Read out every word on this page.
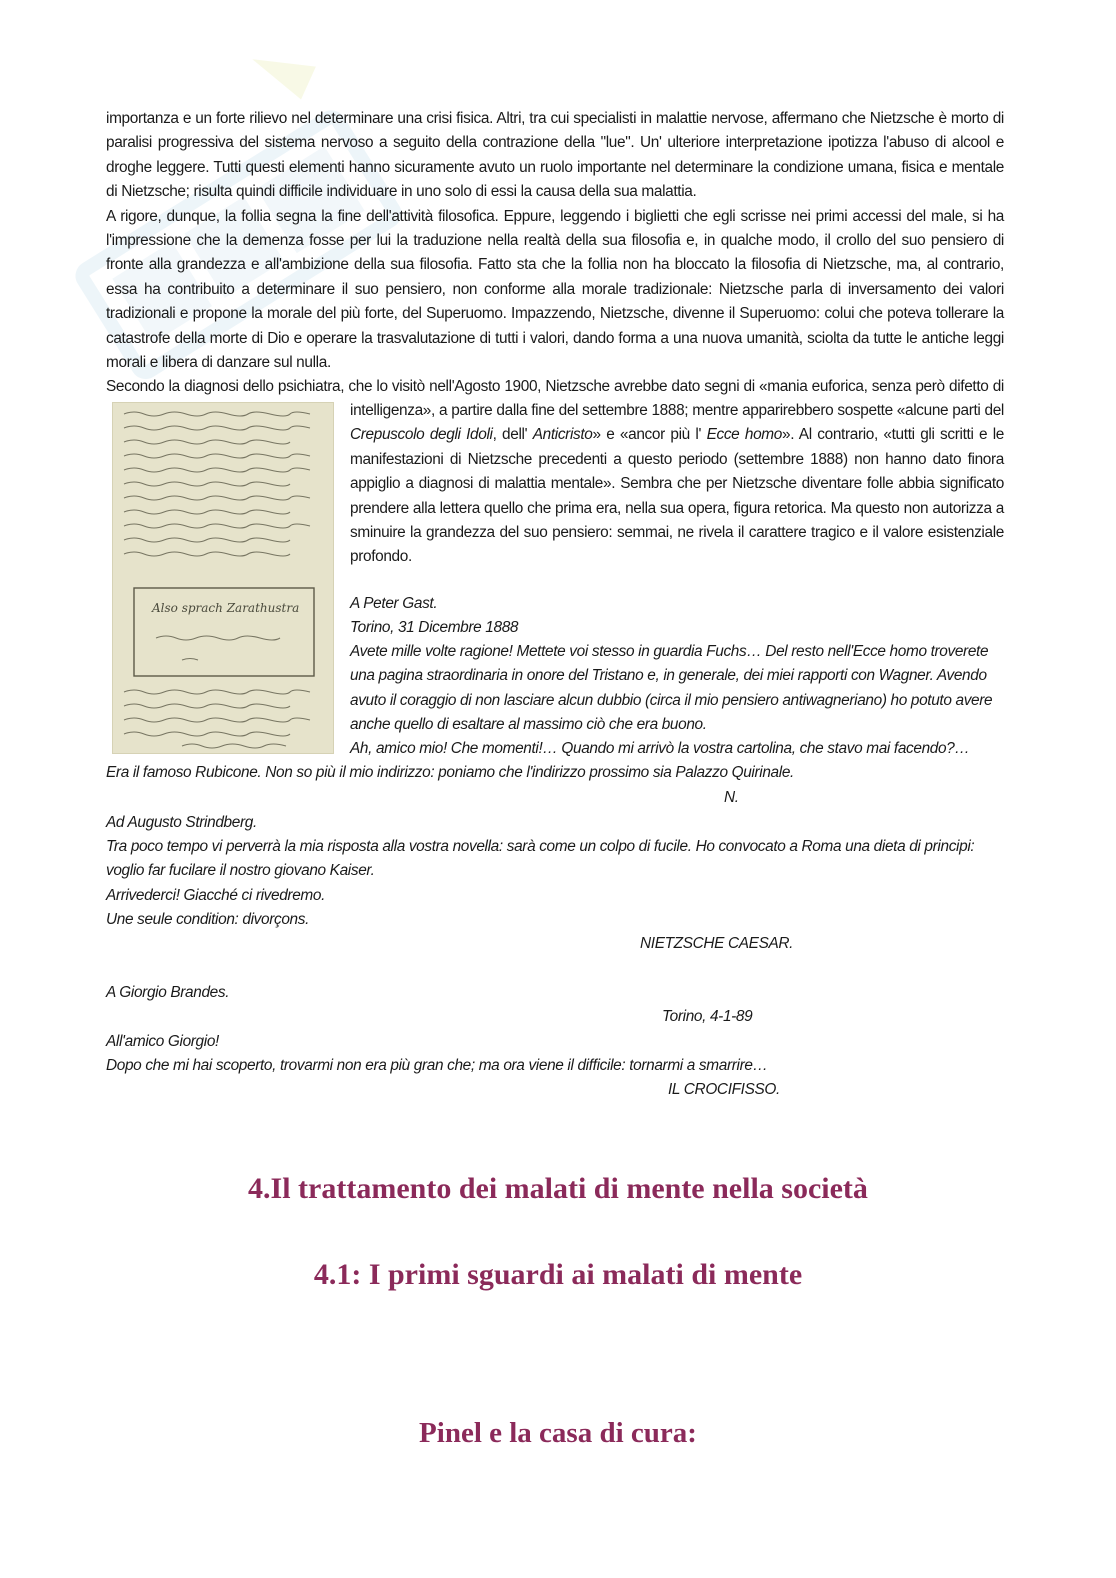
importanza e un forte rilievo nel determinare una crisi fisica. Altri, tra cui specialisti in malattie nervose, affermano che Nietzsche è morto di paralisi progressiva del sistema nervoso a seguito della contrazione della "lue". Un' ulteriore interpretazione ipotizza l'abuso di alcool e droghe leggere. Tutti questi elementi hanno sicuramente avuto un ruolo importante nel determinare la condizione umana, fisica e mentale di Nietzsche; risulta quindi difficile individuare in uno solo di essi la causa della sua malattia.

A rigore, dunque, la follia segna la fine dell'attività filosofica. Eppure, leggendo i biglietti che egli scrisse nei primi accessi del male, si ha l'impressione che la demenza fosse per lui la traduzione nella realtà della sua filosofia e, in qualche modo, il crollo del suo pensiero di fronte alla grandezza e all'ambizione della sua filosofia. Fatto sta che la follia non ha bloccato la filosofia di Nietzsche, ma, al contrario, essa ha contribuito a determinare il suo pensiero, non conforme alla morale tradizionale: Nietzsche parla di inversamento dei valori tradizionali e propone la morale del più forte, del Superuomo. Impazzendo, Nietzsche, divenne il Superuomo: colui che poteva tollerare la catastrofe della morte di Dio e operare la trasvalutazione di tutti i valori, dando forma a una nuova umanità, sciolta da tutte le antiche leggi morali e libera di danzare sul nulla.

Secondo la diagnosi dello psichiatra, che lo visitò nell'Agosto 1900, Nietzsche avrebbe dato segni di «mania euforica, senza però difetto di

Also sprach Zarathustra

intelligenza», a partire dalla fine del settembre 1888; mentre apparirebbero sospette «alcune parti del Crepuscolo degli Idoli, dell' Anticristo» e «ancor più l' Ecce homo». Al contrario, «tutti gli scritti e le manifestazioni di Nietzsche precedenti a questo periodo (settembre 1888) non hanno dato finora appiglio a diagnosi di malattia mentale». Sembra che per Nietzsche diventare folle abbia significato prendere alla lettera quello che prima era, nella sua opera, figura retorica. Ma questo non autorizza a sminuire la grandezza del suo pensiero: semmai, ne rivela il carattere tragico e il valore esistenziale profondo.

A Peter Gast.
Torino, 31 Dicembre 1888
Avete mille volte ragione! Mettete voi stesso in guardia Fuchs… Del resto nell'Ecce homo troverete una pagina straordinaria in onore del Tristano e, in generale, dei miei rapporti con Wagner. Avendo avuto il coraggio di non lasciare alcun dubbio (circa il mio pensiero antiwagneriano) ho potuto avere anche quello di esaltare al massimo ciò che era buono.
Ah, amico mio! Che momenti!… Quando mi arrivò la vostra cartolina, che stavo mai facendo?… Era il famoso Rubicone. Non so più il mio indirizzo: poniamo che l'indirizzo prossimo sia Palazzo Quirinale.
N.
Ad Augusto Strindberg.
Tra poco tempo vi perverrà la mia risposta alla vostra novella: sarà come un colpo di fucile. Ho convocato a Roma una dieta di principi: voglio far fucilare il nostro giovano Kaiser.
Arrivederci! Giacché ci rivedremo.
Une seule condition: divorçons.
NIETZSCHE CAESAR.
A Giorgio Brandes.
Torino, 4-1-89
All'amico Giorgio!
Dopo che mi hai scoperto, trovarmi non era più gran che; ma ora viene il difficile: tornarmi a smarrire…
IL CROCIFISSO.
4.Il trattamento dei malati di mente nella società
4.1: I primi sguardi ai malati di mente
Pinel e la casa di cura:
